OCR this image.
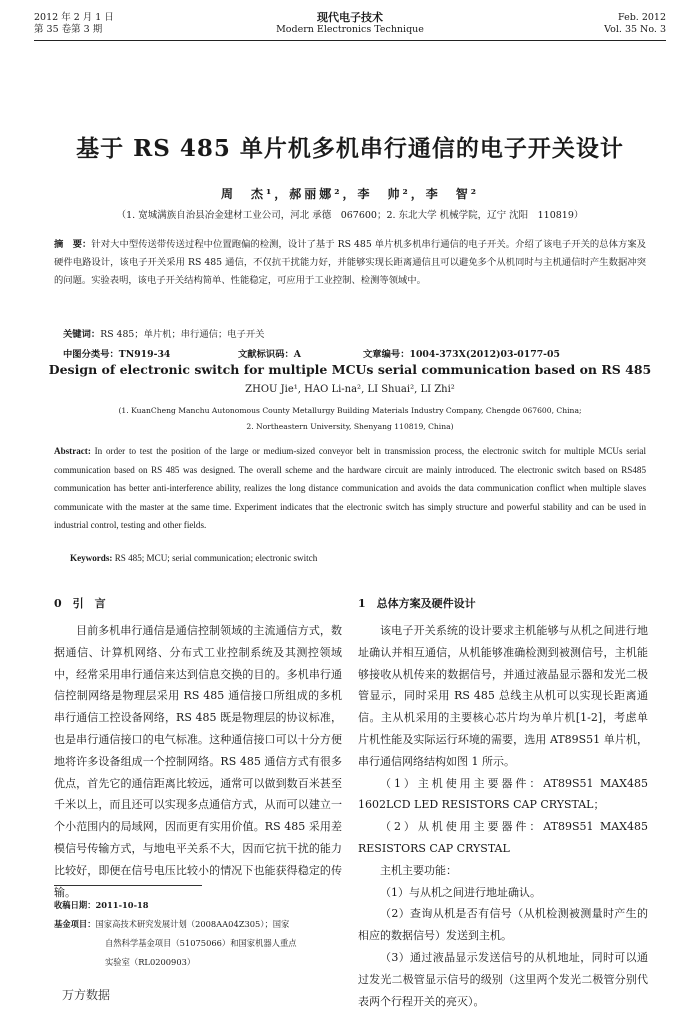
2012 年 2 月 1 日
第 35 卷第 3 期
现代电子技术
Modern Electronics Technique
Feb. 2012
Vol. 35 No. 3
基于 RS 485 单片机多机串行通信的电子开关设计
周　杰¹，郝丽娜²，李　帅²，李　智²
（1. 宽城满族自治县冶金建材工业公司，河北 承德　067600；2. 东北大学 机械学院，辽宁 沈阳　110819）
摘　要：针对大中型传送带传送过程中位置跑偏的检测，设计了基于 RS 485 单片机多机串行通信的电子开关。介绍了该电子开关的总体方案及硬件电路设计，该电子开关采用 RS 485 通信，不仅抗干扰能力好，并能够实现长距离通信且可以避免多个从机同时与主机通信时产生数据冲突的问题。实验表明，该电子开关结构简单、性能稳定，可应用于工业控制、检测等领域中。
关键词：RS 485；单片机；串行通信；电子开关
中图分类号：TN919-34	文献标识码：A	文章编号：1004-373X(2012)03-0177-05
Design of electronic switch for multiple MCUs serial communication based on RS 485
ZHOU Jie¹, HAO Li-na², LI Shuai², LI Zhi²
(1. KuanCheng Manchu Autonomous County Metallurgy Building Materials Industry Company, Chengde 067600, China;
2. Northeastern University, Shenyang 110819, China)
Abstract: In order to test the position of the large or medium-sized conveyor belt in transmission process, the electronic switch for multiple MCUs serial communication based on RS 485 was designed. The overall scheme and the hardware circuit are mainly introduced. The electronic switch based on RS485 communication has better anti-interference ability, realizes the long distance communication and avoids the data communication conflict when multiple slaves communicate with the master at the same time. Experiment indicates that the electronic switch has simply structure and powerful stability and can be used in industrial control, testing and other fields.
Keywords: RS 485; MCU; serial communication; electronic switch
0　引　言

目前多机串行通信是通信控制领域的主流通信方式，数据通信、计算机网络、分布式工业控制系统及其测控领域中，经常采用串行通信来达到信息交换的目的。多机串行通信控制网络是物理层采用 RS 485 通信接口所组成的多机串行通信工控设备网络，RS 485 既是物理层的协议标准，也是串行通信接口的电气标准。这种通信接口可以十分方便地将许多设备组成一个控制网络。RS 485 通信方式有很多优点，首先它的通信距离比较远，通常可以做到数百米甚至千米以上，而且还可以实现多点通信方式，从而可以建立一个小范围内的局域网，因而更有实用价值。RS 485 采用差模信号传输方式，与地电平关系不大，因而它抗干扰的能力比较好，即便在信号电压比较小的情况下也能获得稳定的传输。

收稿日期：2011-10-18
基金项目：国家高技术研究发展计划（2008AA04Z305）；国家
自然科学基金项目（51075066）和国家机器人重点
实验室（RL0200903）
1　总体方案及硬件设计

该电子开关系统的设计要求主机能够与从机之间进行地址确认并相互通信，从机能够准确检测到被测信号，主机能够接收从机传来的数据信号，并通过液晶显示器和发光二极管显示，同时采用 RS 485 总线主从机可以实现长距离通信。主从机采用的主要核心芯片均为单片机[1-2]，考虑单片机性能及实际运行环境的需要，选用 AT89S51 单片机，串行通信网络结构如图 1 所示。

（1）主机使用主要器件：AT89S51 MAX485 1602LCD LED RESISTORS CAP CRYSTAL；

（2）从机使用主要器件：AT89S51 MAX485 RESISTORS CAP CRYSTAL

主机主要功能：

（1）与从机之间进行地址确认。

（2）查询从机是否有信号（从机检测被测量时产生的相应的数据信号）发送到主机。

（3）通过液晶显示发送信号的从机地址，同时可以通过发光二极管显示信号的级别（这里两个发光二极管分别代表两个行程开关的亮灭）。

万方数据
